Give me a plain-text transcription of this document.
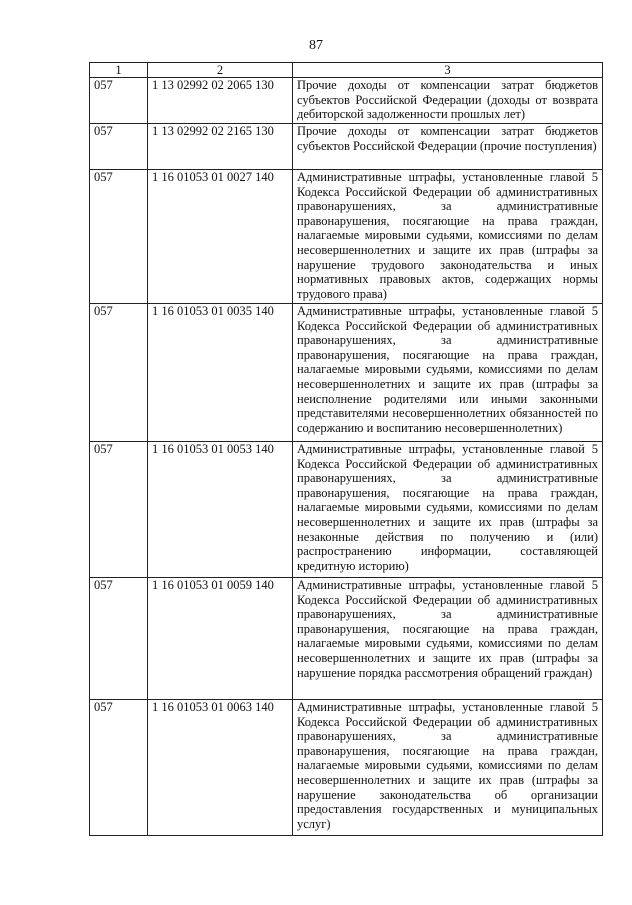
87
1	2	3
057	1 13 02992 02 2065 130	Прочие доходы от компенсации затрат бюджетов субъектов Российской Федерации (доходы от возврата дебиторской задолженности прошлых лет)
057	1 13 02992 02 2165 130	Прочие доходы от компенсации затрат бюджетов субъектов Российской Федерации (прочие поступления)
057	1 16 01053 01 0027 140	Административные штрафы, установленные главой 5 Кодекса Российской Федерации об административных правонарушениях, за административные правонарушения, посягающие на права граждан, налагаемые мировыми судьями, комиссиями по делам несовершеннолетних и защите их прав (штрафы за нарушение трудового законодательства и иных нормативных правовых актов, содержащих нормы трудового права)
057	1 16 01053 01 0035 140	Административные штрафы, установленные главой 5 Кодекса Российской Федерации об административных правонарушениях, за административные правонарушения, посягающие на права граждан, налагаемые мировыми судьями, комиссиями по делам несовершеннолетних и защите их прав (штрафы за неисполнение родителями или иными законными представителями несовершеннолетних обязанностей по содержанию и воспитанию несовершеннолетних)
057	1 16 01053 01 0053 140	Административные штрафы, установленные главой 5 Кодекса Российской Федерации об административных правонарушениях, за административные правонарушения, посягающие на права граждан, налагаемые мировыми судьями, комиссиями по делам несовершеннолетних и защите их прав (штрафы за незаконные действия по получению и (или) распространению информации, составляющей кредитную историю)
057	1 16 01053 01 0059 140	Административные штрафы, установленные главой 5 Кодекса Российской Федерации об административных правонарушениях, за административные правонарушения, посягающие на права граждан, налагаемые мировыми судьями, комиссиями по делам несовершеннолетних и защите их прав (штрафы за нарушение порядка рассмотрения обращений граждан)
057	1 16 01053 01 0063 140	Административные штрафы, установленные главой 5 Кодекса Российской Федерации об административных правонарушениях, за административные правонарушения, посягающие на права граждан, налагаемые мировыми судьями, комиссиями по делам несовершеннолетних и защите их прав (штрафы за нарушение законодательства об организации предоставления государственных и муниципальных услуг)
